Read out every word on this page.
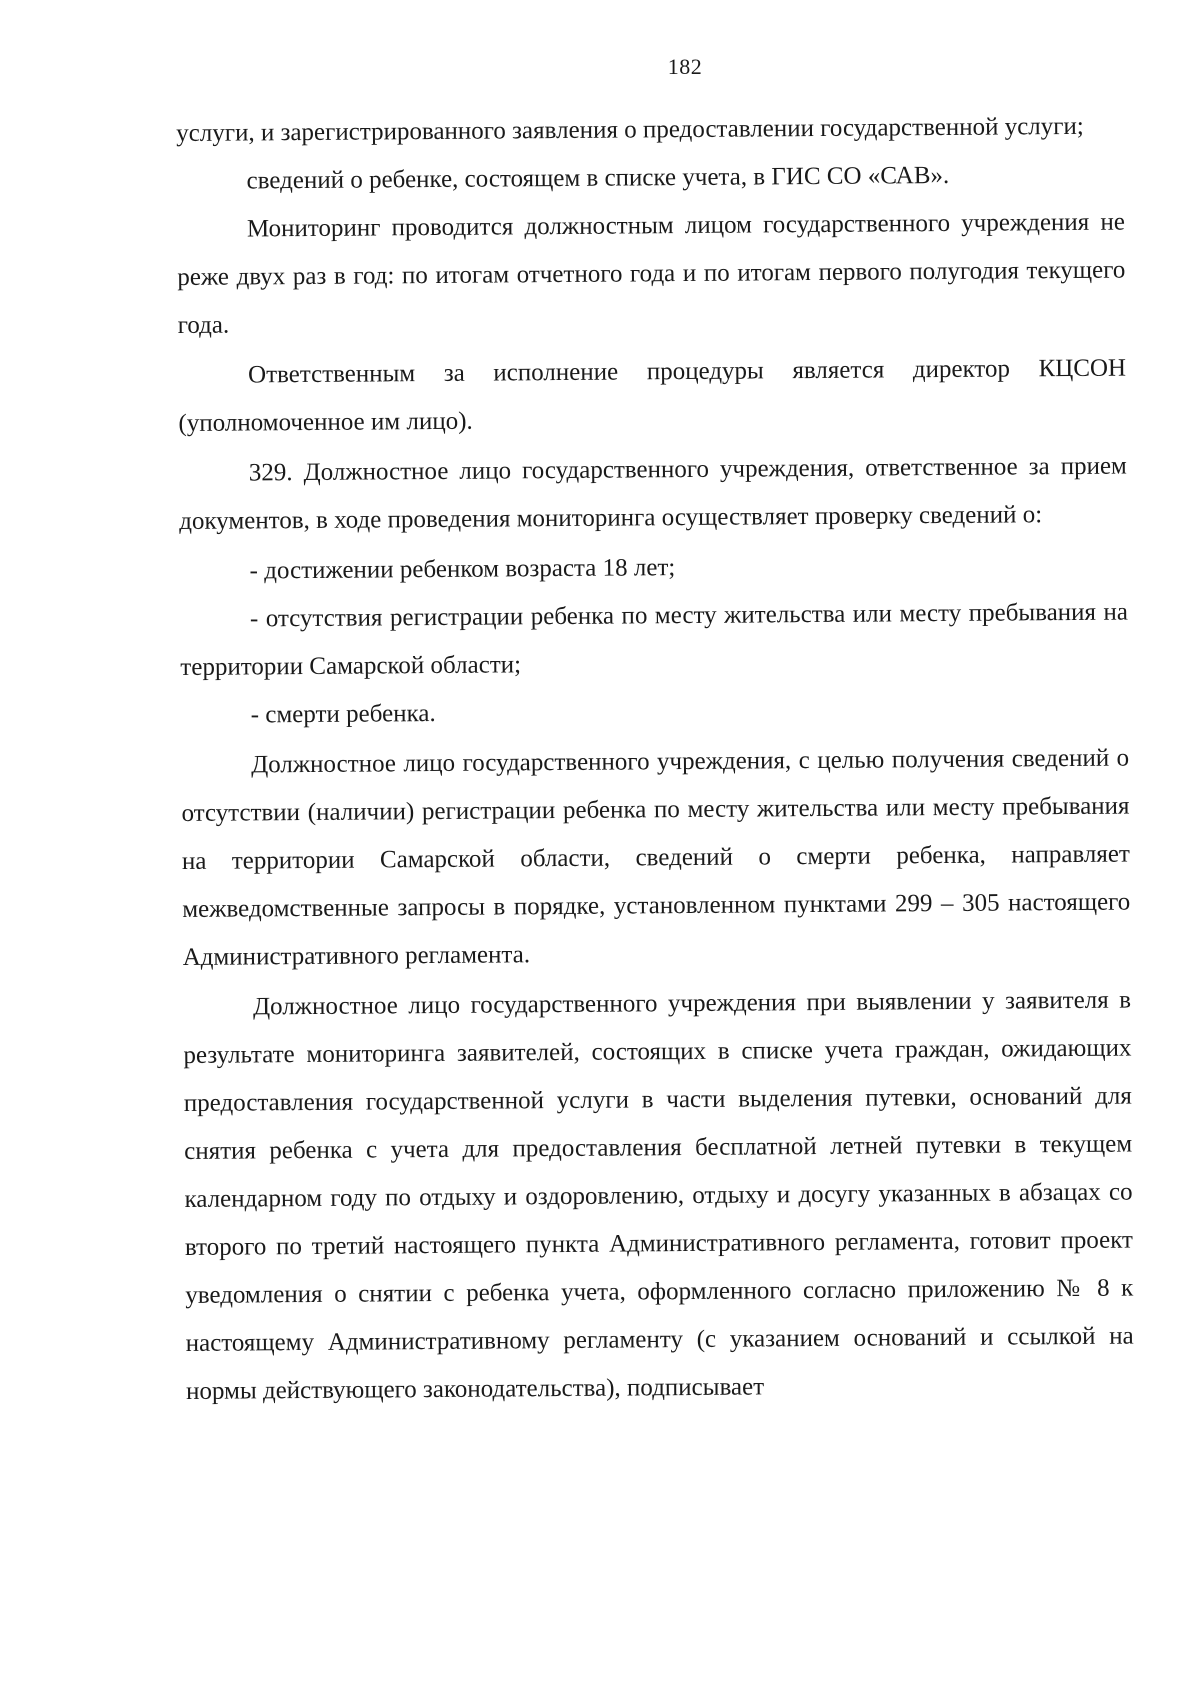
182

услуги, и зарегистрированного заявления о предоставлении государственной услуги;

сведений о ребенке, состоящем в списке учета, в ГИС СО «САВ».

Мониторинг проводится должностным лицом государственного учреждения не реже двух раз в год: по итогам отчетного года и по итогам первого полугодия текущего года.

Ответственным за исполнение процедуры является директор КЦСОН (уполномоченное им лицо).

329. Должностное лицо государственного учреждения, ответственное за прием документов, в ходе проведения мониторинга осуществляет проверку сведений о:

- достижении ребенком возраста 18 лет;

- отсутствия регистрации ребенка по месту жительства или месту пребывания на территории Самарской области;

- смерти ребенка.

Должностное лицо государственного учреждения, с целью получения сведений о отсутствии (наличии) регистрации ребенка по месту жительства или месту пребывания на территории Самарской области, сведений о смерти ребенка, направляет межведомственные запросы в порядке, установленном пунктами 299 – 305 настоящего Административного регламента.

Должностное лицо государственного учреждения при выявлении у заявителя в результате мониторинга заявителей, состоящих в списке учета граждан, ожидающих предоставления государственной услуги в части выделения путевки, оснований для снятия ребенка с учета для предоставления бесплатной летней путевки в текущем календарном году по отдыху и оздоровлению, отдыху и досугу указанных в абзацах со второго по третий настоящего пункта Административного регламента, готовит проект уведомления о снятии с ребенка учета, оформленного согласно приложению № 8 к настоящему Административному регламенту (с указанием оснований и ссылкой на нормы действующего законодательства), подписывает
